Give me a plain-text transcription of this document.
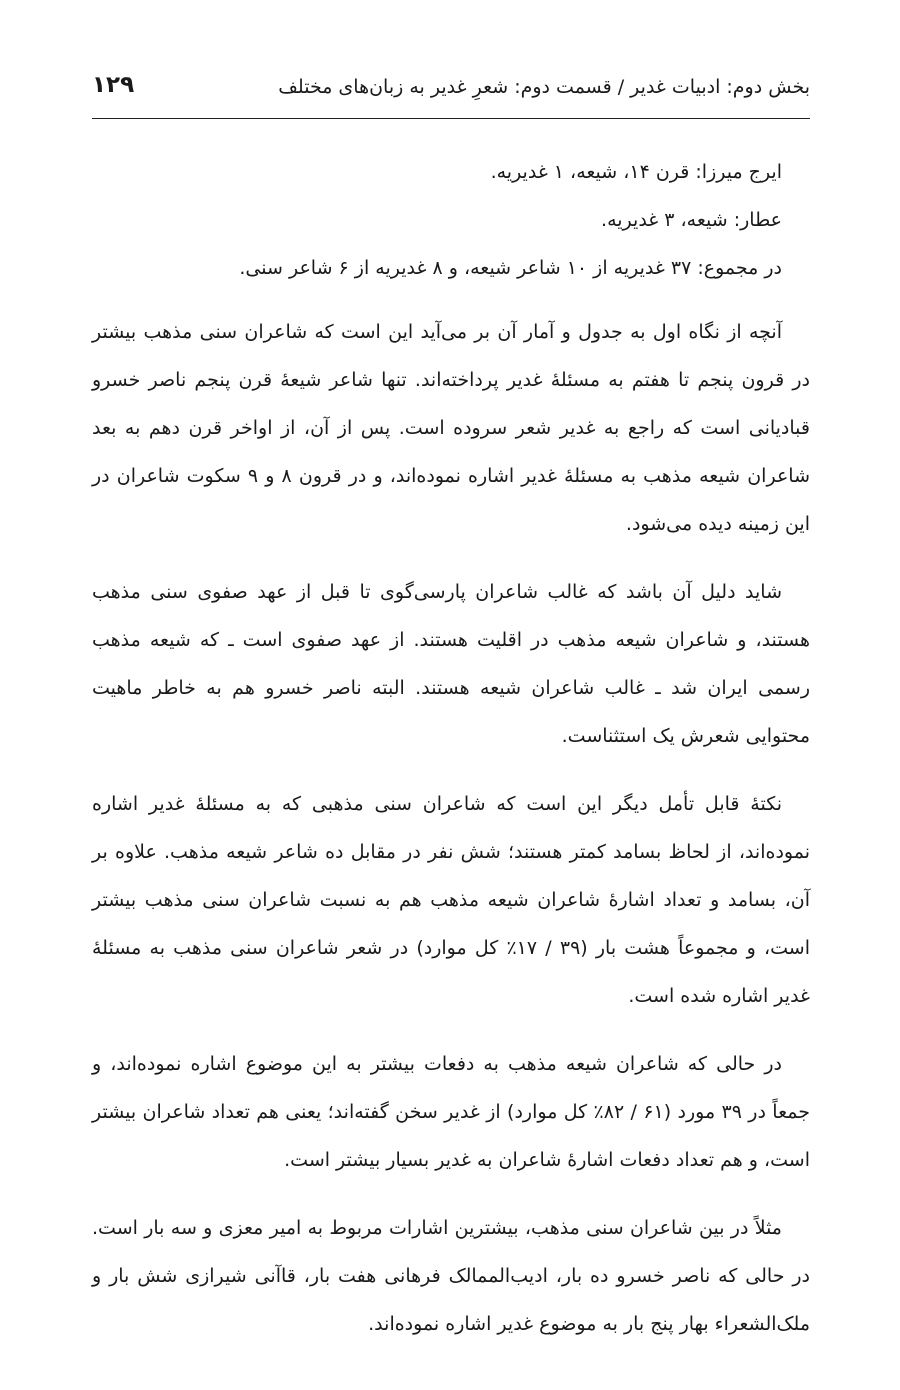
بخش دوم: ادبیات غدیر / قسمت دوم: شعرِ غدیر به زبان‌های مختلف
۱۲۹
ایرج میرزا: قرن ۱۴، شیعه، ۱ غدیریه.
عطار: شیعه، ۳ غدیریه.
در مجموع: ۳۷ غدیریه از ۱۰ شاعر شیعه، و ۸ غدیریه از ۶ شاعر سنی.

آنچه از نگاه اول به جدول و آمار آن بر می‌آید این است که شاعران سنی مذهب بیشتر در قرون پنجم تا هفتم به مسئلهٔ غدیر پرداخته‌اند. تنها شاعر شیعهٔ قرن پنجم ناصر خسرو قبادیانی است که راجع به غدیر شعر سروده است. پس از آن، از اواخر قرن دهم به بعد شاعران شیعه مذهب به مسئلهٔ غدیر اشاره نموده‌اند، و در قرون ۸ و ۹ سکوت شاعران در این زمینه دیده می‌شود.

شاید دلیل آن باشد که غالب شاعران پارسی‌گوی تا قبل از عهد صفوی سنی مذهب هستند، و شاعران شیعه مذهب در اقلیت هستند. از عهد صفوی است ـ که شیعه مذهب رسمی ایران شد ـ غالب شاعران شیعه هستند. البته ناصر خسرو هم به خاطر ماهیت محتوایی شعرش یک استثناست.

نکتهٔ قابل تأمل دیگر این است که شاعران سنی مذهبی که به مسئلهٔ غدیر اشاره نموده‌اند، از لحاظ بسامد کمتر هستند؛ شش نفر در مقابل ده شاعر شیعه مذهب. علاوه بر آن، بسامد و تعداد اشارهٔ شاعران شیعه مذهب هم به نسبت شاعران سنی مذهب بیشتر است، و مجموعاً هشت بار (۳۹ / ۱۷٪ کل موارد) در شعر شاعران سنی مذهب به مسئلهٔ غدیر اشاره شده است.

در حالی که شاعران شیعه مذهب به دفعات بیشتر به این موضوع اشاره نموده‌اند، و جمعاً در ۳۹ مورد (۶۱ / ۸۲٪ کل موارد) از غدیر سخن گفته‌اند؛ یعنی هم تعداد شاعران بیشتر است، و هم تعداد دفعات اشارهٔ شاعران به غدیر بسیار بیشتر است.

مثلاً در بین شاعران سنی مذهب، بیشترین اشارات مربوط به امیر معزی و سه بار است. در حالی که ناصر خسرو ده بار، ادیب‌الممالک فرهانی هفت بار، قاآنی شیرازی شش بار و ملک‌الشعراء بهار پنج بار به موضوع غدیر اشاره نموده‌اند.
